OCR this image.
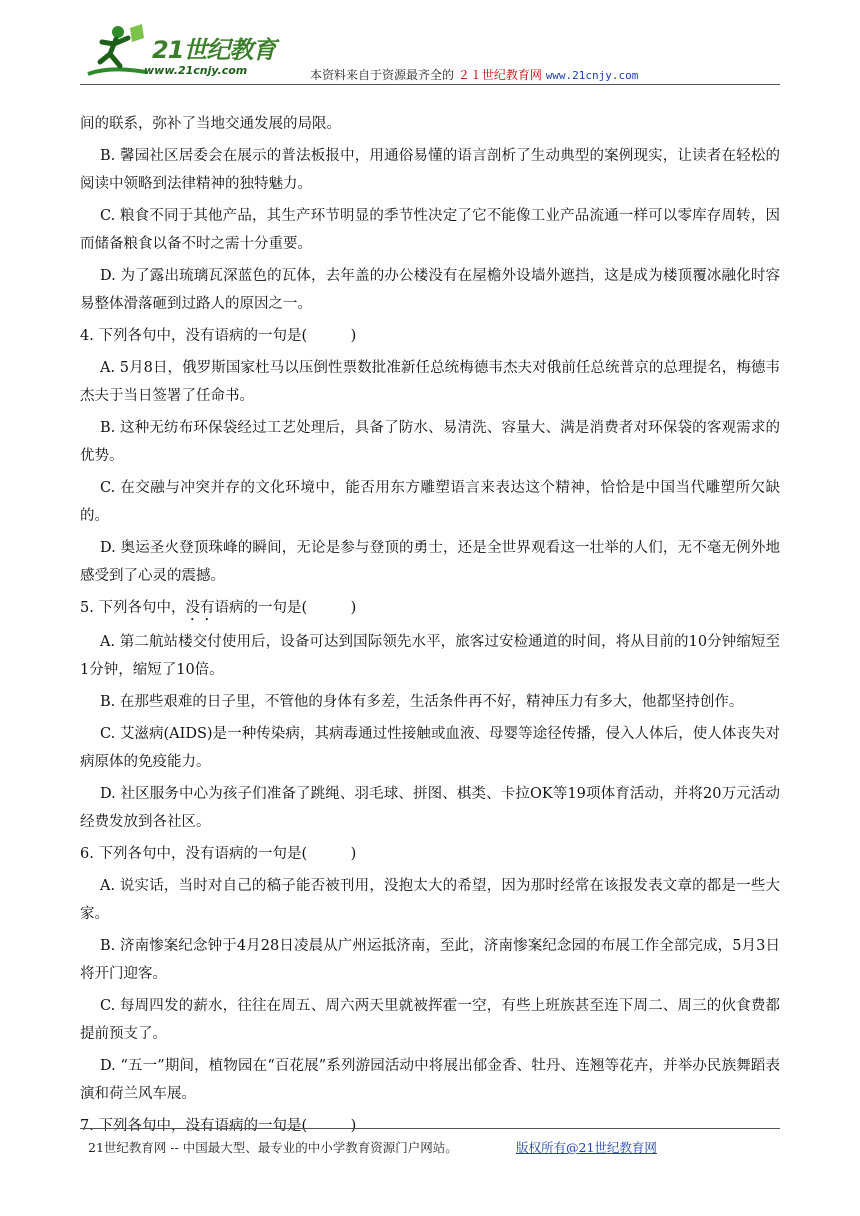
21世纪教育
www.21cnjy.com	本资料来自于资源最齐全的 ２１世纪教育网 www.21cnjy.com

间的联系，弥补了当地交通发展的局限。

B. 馨园社区居委会在展示的普法板报中，用通俗易懂的语言剖析了生动典型的案例现实，让读者在轻松的阅读中领略到法律精神的独特魅力。

C. 粮食不同于其他产品，其生产环节明显的季节性决定了它不能像工业产品流通一样可以零库存周转，因而储备粮食以备不时之需十分重要。

D. 为了露出琉璃瓦深蓝色的瓦体，去年盖的办公楼没有在屋檐外设墙外遮挡，这是成为楼顶覆冰融化时容易整体滑落砸到过路人的原因之一。

4. 下列各句中，没有语病的一句是(　　　)

A. 5月8日，俄罗斯国家杜马以压倒性票数批准新任总统梅德韦杰夫对俄前任总统普京的总理提名，梅德韦杰夫于当日签署了任命书。

B. 这种无纺布环保袋经过工艺处理后，具备了防水、易清洗、容量大、满是消费者对环保袋的客观需求的优势。

C. 在交融与冲突并存的文化环境中，能否用东方雕塑语言来表达这个精神，恰恰是中国当代雕塑所欠缺的。

D. 奥运圣火登顶珠峰的瞬间，无论是参与登顶的勇士，还是全世界观看这一壮举的人们，无不毫无例外地感受到了心灵的震撼。

5. 下列各句中，没有语病的一句是(　　　)

A. 第二航站楼交付使用后，设备可达到国际领先水平，旅客过安检通道的时间，将从目前的10分钟缩短至1分钟，缩短了10倍。

B. 在那些艰难的日子里，不管他的身体有多差，生活条件再不好，精神压力有多大，他都坚持创作。

C. 艾滋病(AIDS)是一种传染病，其病毒通过性接触或血液、母婴等途径传播，侵入人体后，使人体丧失对病原体的免疫能力。

D. 社区服务中心为孩子们准备了跳绳、羽毛球、拼图、棋类、卡拉OK等19项体育活动，并将20万元活动经费发放到各社区。

6. 下列各句中，没有语病的一句是(　　　)

A. 说实话，当时对自己的稿子能否被刊用，没抱太大的希望，因为那时经常在该报发表文章的都是一些大家。

B. 济南惨案纪念钟于4月28日凌晨从广州运抵济南，至此，济南惨案纪念园的布展工作全部完成，5月3日将开门迎客。

C. 每周四发的薪水，往往在周五、周六两天里就被挥霍一空，有些上班族甚至连下周二、周三的伙食费都提前预支了。

D. “五一”期间，植物园在“百花展”系列游园活动中将展出郁金香、牡丹、连翘等花卉，并举办民族舞蹈表演和荷兰风车展。

7. 下列各句中，没有语病的一句是(　　　)

21世纪教育网 -- 中国最大型、最专业的中小学教育资源门户网站。	版权所有@21世纪教育网
